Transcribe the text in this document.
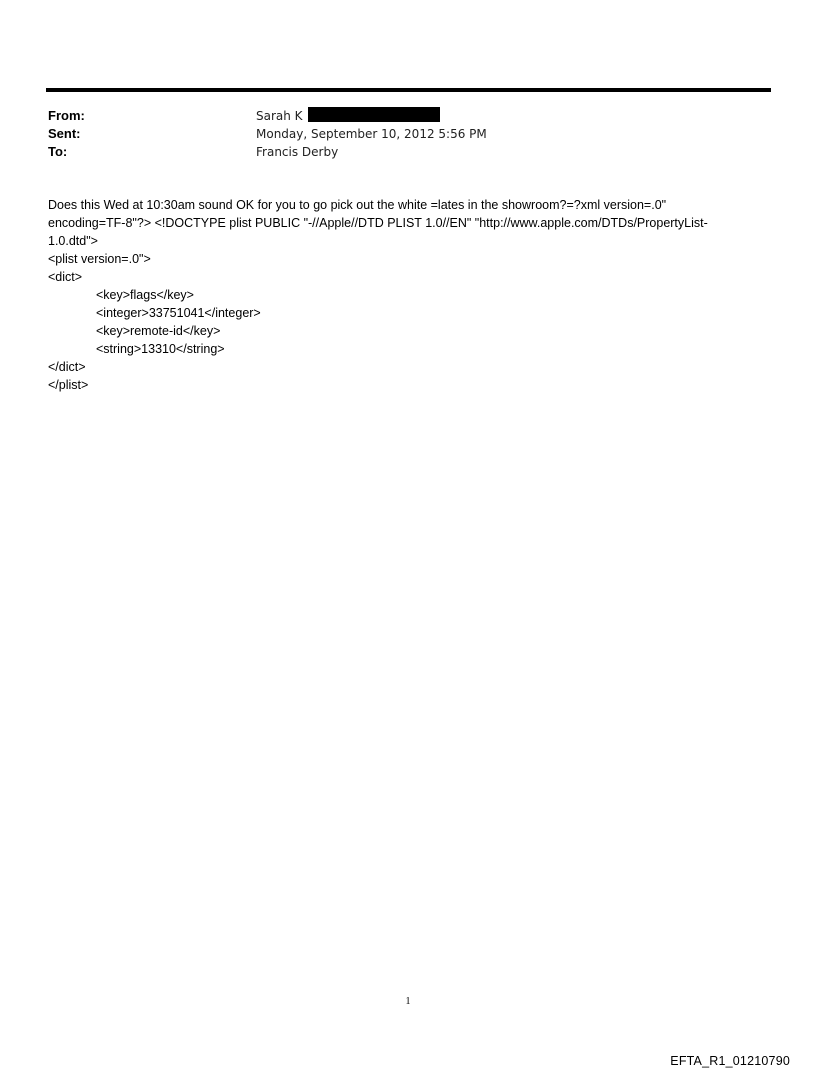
From:	Sarah K
Sent:	Monday, September 10, 2012 5:56 PM
To:	Francis Derby
Does this Wed at 10:30am sound OK for you to go pick out the white =lates in the showroom?=?xml version=.0"
encoding=TF-8"?> <!DOCTYPE plist PUBLIC "-//Apple//DTD PLIST 1.0//EN" "http://www.apple.com/DTDs/PropertyList-
1.0.dtd">
<plist version=.0">
<dict>
<key>flags</key>
<integer>33751041</integer>
<key>remote-id</key>
<string>13310</string>
</dict>
</plist>
1
EFTA_R1_01210790
